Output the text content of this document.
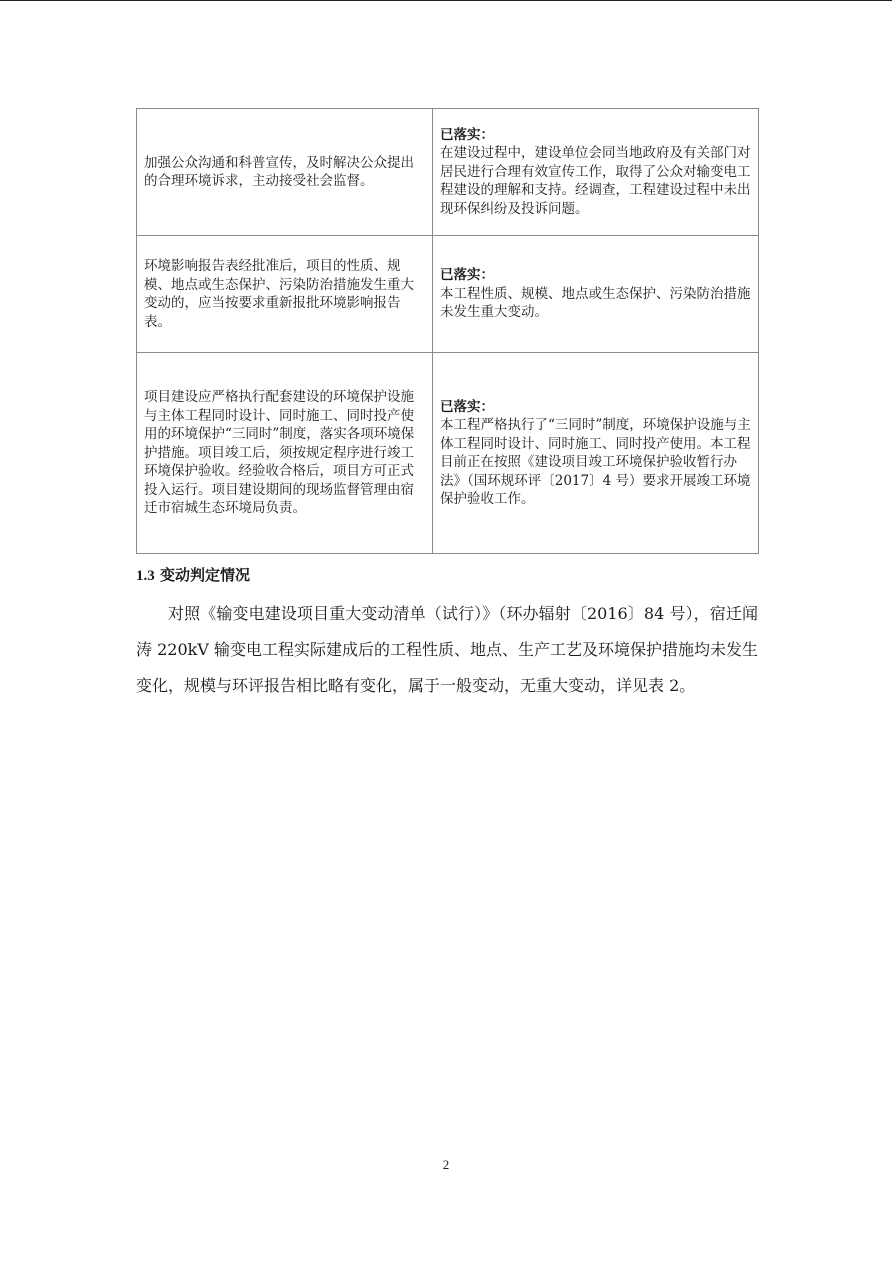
加强公众沟通和科普宣传，及时解决公众提出的合理环境诉求，主动接受社会监督。	已落实：
在建设过程中，建设单位会同当地政府及有关部门对居民进行合理有效宣传工作，取得了公众对输变电工程建设的理解和支持。经调查，工程建设过程中未出现环保纠纷及投诉问题。
环境影响报告表经批准后，项目的性质、规模、地点或生态保护、污染防治措施发生重大变动的，应当按要求重新报批环境影响报告表。	已落实：
本工程性质、规模、地点或生态保护、污染防治措施未发生重大变动。
项目建设应严格执行配套建设的环境保护设施与主体工程同时设计、同时施工、同时投产使用的环境保护“三同时”制度，落实各项环境保护措施。项目竣工后，须按规定程序进行竣工环境保护验收。经验收合格后，项目方可正式投入运行。项目建设期间的现场监督管理由宿迁市宿城生态环境局负责。	已落实：
本工程严格执行了“三同时”制度，环境保护设施与主体工程同时设计、同时施工、同时投产使用。本工程目前正在按照《建设项目竣工环境保护验收暂行办法》（国环规环评〔2017〕4 号）要求开展竣工环境保护验收工作。
1.3 变动判定情况

对照《输变电建设项目重大变动清单（试行）》（环办辐射〔2016〕84 号），宿迁闻涛 220kV 输变电工程实际建成后的工程性质、地点、生产工艺及环境保护措施均未发生变化，规模与环评报告相比略有变化，属于一般变动，无重大变动，详见表 2。

2
